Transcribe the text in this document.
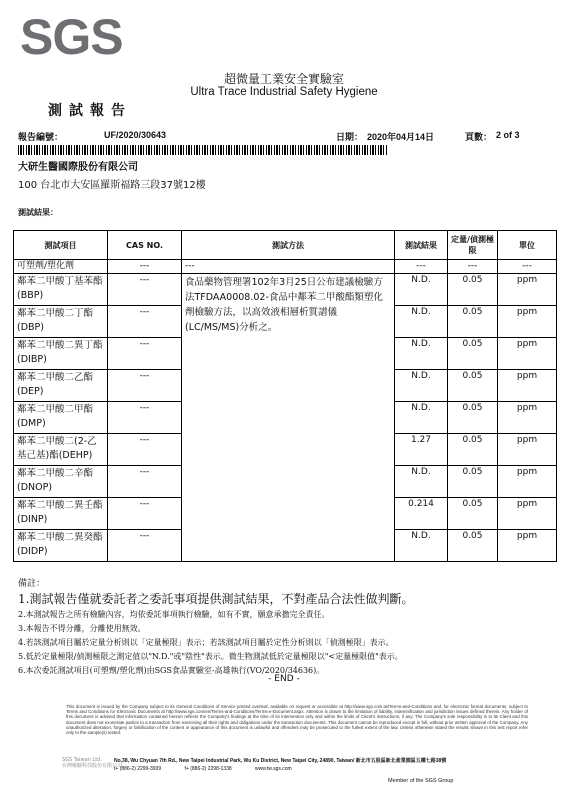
SGS
超微量工業安全實驗室
Ultra Trace Industrial Safety Hygiene
測試報告
報告編號：	UF/2020/30643	日期： 2020年04月14日	頁數： 2 of 3
大研生醫國際股份有限公司
100 台北市大安區羅斯福路三段37號12樓
測試結果：
測試項目	CAS NO.	測試方法	測試結果	定量/偵測極限	單位
可塑劑/塑化劑	---	---	---	---	---
鄰苯二甲酸丁基苯酯(BBP)	---	食品藥物管理署102年3月25日公布建議檢驗方法TFDAA0008.02-食品中鄰苯二甲酸酯類塑化劑檢驗方法，以高效液相層析質譜儀(LC/MS/MS)分析之。	N.D.	0.05	ppm
鄰苯二甲酸二丁酯(DBP)	---		N.D.	0.05	ppm
鄰苯二甲酸二異丁酯(DIBP)	---		N.D.	0.05	ppm
鄰苯二甲酸二乙酯(DEP)	---		N.D.	0.05	ppm
鄰苯二甲酸二甲酯(DMP)	---		N.D.	0.05	ppm
鄰苯二甲酸二(2-乙基己基)酯(DEHP)	---		1.27	0.05	ppm
鄰苯二甲酸二辛酯(DNOP)	---		N.D.	0.05	ppm
鄰苯二甲酸二異壬酯(DINP)	---		0.214	0.05	ppm
鄰苯二甲酸二異癸酯(DIDP)	---		N.D.	0.05	ppm
備註：
1.測試報告僅就委託者之委託事項提供測試結果，不對產品合法性做判斷。
2.本測試報告之所有檢驗內容，均依委託事項執行檢驗，如有不實，願意承擔完全責任。
3.本報告不得分離，分離使用無效。
4.若該測試項目屬於定量分析則以「定量極限」表示；若該測試項目屬於定性分析則以「偵測極限」表示。
5.低於定量極限/偵測極限之測定值以"N.D."或"陰性"表示。微生物測試低於定量極限以"<定量極限值"表示。
6.本次委託測試項目(可塑劑/塑化劑)由SGS食品實驗室-高雄執行(VO/2020/34636)。
- END -
This document is issued by the Company subject to its General Conditions of Service printed overleaf, available on request or accessible at http://www.sgs.com.tw/Terms-and-Conditions and, for electronic format documents, subject to Terms and Conditions for Electronic Documents at http://www.sgs.com/en/Terms-and-Conditions/Terms-e-Document.aspx. Attention is drawn to the limitation of liability, indemnification and jurisdiction issues defined therein. Any holder of this document is advised that information contained hereon reflects the Company's findings at the time of its intervention only and within the limits of Client's instructions, if any. The Company's sole responsibility is to its Client and this document does not exonerate parties to a transaction from exercising all their rights and obligations under the transaction documents. This document cannot be reproduced except in full, without prior written approval of the Company. Any unauthorized alteration, forgery or falsification of the content or appearance of this document is unlawful and offenders may be prosecuted to the fullest extent of the law. Unless otherwise stated the results shown in this test report refer only to the sample(s) tested.
SGS Taiwan Ltd.
台灣檢驗科技股份有限公司
No.38, Wu Chyuan 7th Rd., New Taipei Industrial Park, Wu Ku District, New Taipei City, 24890, Taiwan/ 新北市五股區新北產業園區五權七路38號
t+ (886-2) 2299-3939	f+ (886-2) 2298-1338	www.tw.sgs.com
Member of the SGS Group
